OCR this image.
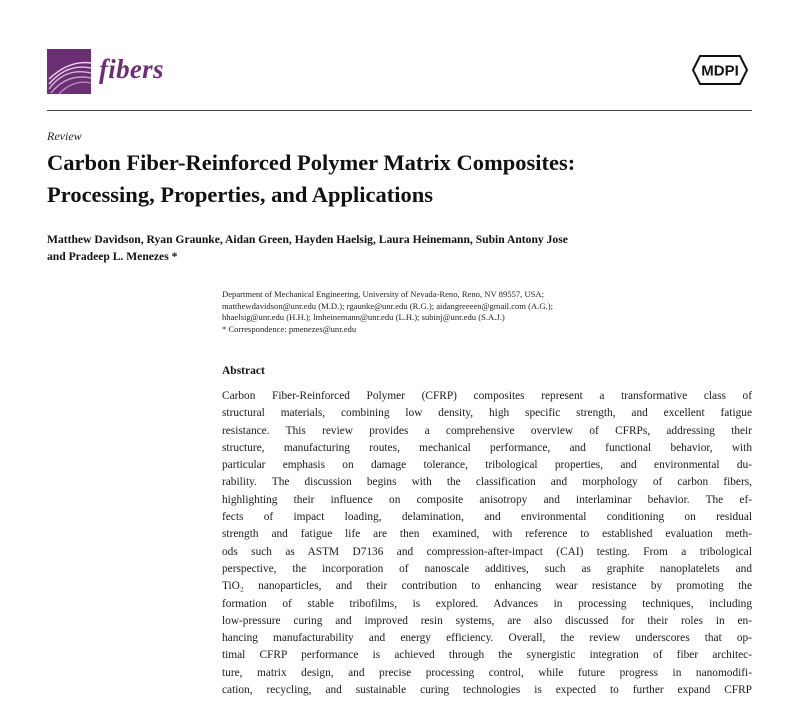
fibers	MDPI
Review
Carbon Fiber-Reinforced Polymer Matrix Composites:
Processing, Properties, and Applications
Matthew Davidson, Ryan Graunke, Aidan Green, Hayden Haelsig, Laura Heinemann, Subin Antony Jose
and Pradeep L. Menezes *
Department of Mechanical Engineering, University of Nevada-Reno, Reno, NV 89557, USA;
matthewdavidson@unr.edu (M.D.); rgaunke@unr.edu (R.G.); aidangreeeen@gmail.com (A.G.);
hhaelsig@unr.edu (H.H.); lmheinemann@unr.edu (L.H.); subinj@unr.edu (S.A.J.)
* Correspondence: pmenezes@unr.edu
Abstract
Carbon Fiber-Reinforced Polymer (CFRP) composites represent a transformative class of
structural materials, combining low density, high specific strength, and excellent fatigue
resistance. This review provides a comprehensive overview of CFRPs, addressing their
structure, manufacturing routes, mechanical performance, and functional behavior, with
particular emphasis on damage tolerance, tribological properties, and environmental du-
rability. The discussion begins with the classification and morphology of carbon fibers,
highlighting their influence on composite anisotropy and interlaminar behavior. The ef-
fects of impact loading, delamination, and environmental conditioning on residual
strength and fatigue life are then examined, with reference to established evaluation meth-
ods such as ASTM D7136 and compression-after-impact (CAI) testing. From a tribological
perspective, the incorporation of nanoscale additives, such as graphite nanoplatelets and
TiO₂ nanoparticles, and their contribution to enhancing wear resistance by promoting the
formation of stable tribofilms, is explored. Advances in processing techniques, including
low-pressure curing and improved resin systems, are also discussed for their roles in en-
hancing manufacturability and energy efficiency. Overall, the review underscores that op-
timal CFRP performance is achieved through the synergistic integration of fiber architec-
ture, matrix design, and precise processing control, while future progress in nanomodifi-
cation, recycling, and sustainable curing technologies is expected to further expand CFRP
